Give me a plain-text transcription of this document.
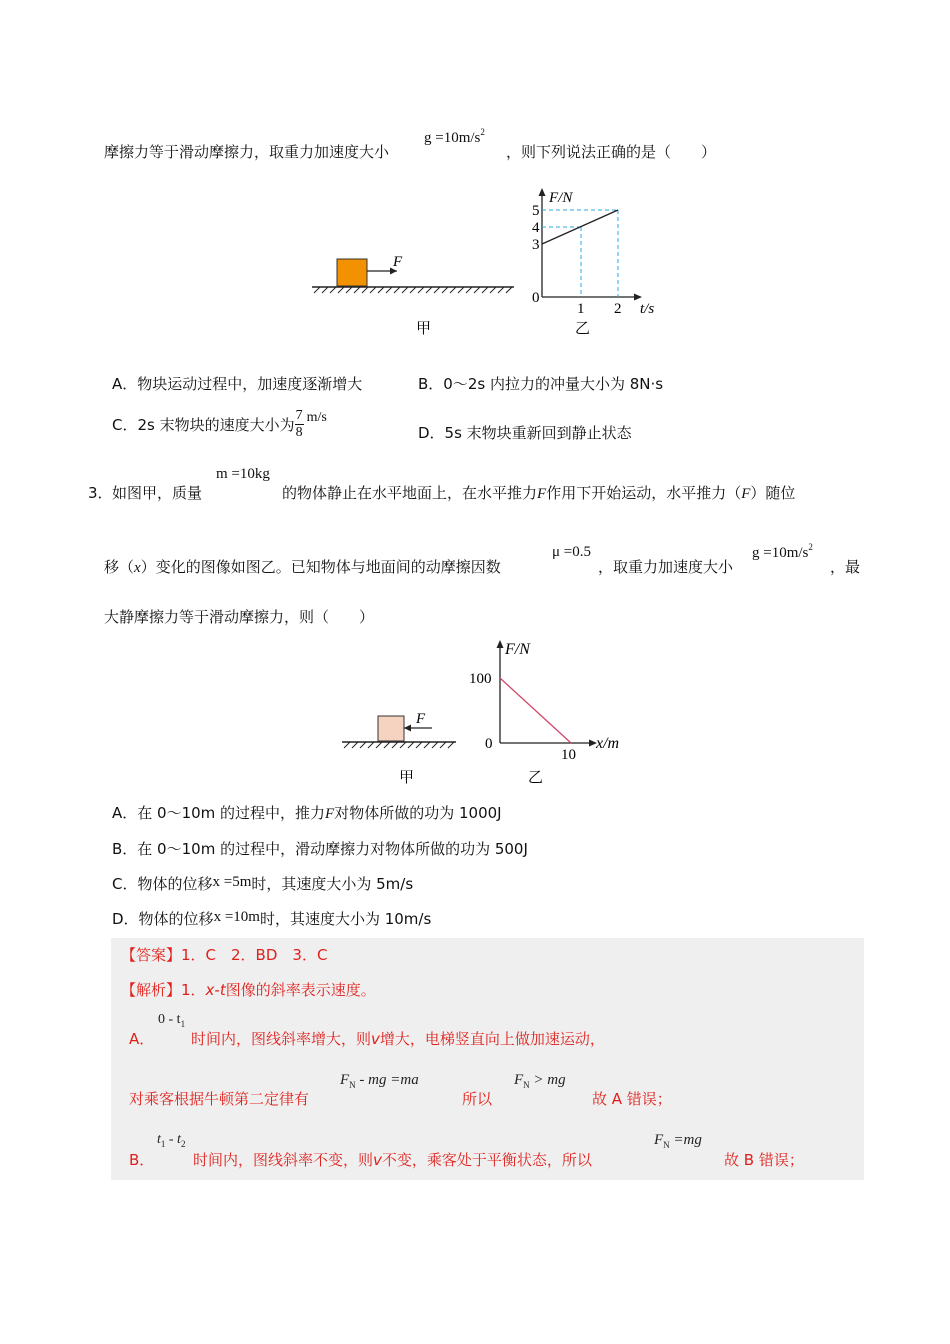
摩擦力等于滑动摩擦力，取重力加速度大小
$g =10m/s^2$
，则下列说法正确的是（　　）
F
甲
F/N
5
4
3
0
1 2 t/s
乙
A．物块运动过程中，加速度逐渐增大	B．0～2s 内拉力的冲量大小为 8N·s
C．2s 末物块的速度大小为 $\frac{7}{8} m/s$
D．5s 末物块重新回到静止状态
3． 如图甲，质量
m =10kg
的物体静止在水平地面上，在水平推力F作用下开始运动，水平推力（F）随位
移（x）变化的图像如图乙。已知物体与地面间的动摩擦因数
μ =0.5
，取重力加速度大小
$g =10m/s^2$
，最
大静摩擦力等于滑动摩擦力，则（　　）
F
甲
F/N
100
0
10
x/m
乙
A．在 0～10m 的过程中，推力F对物体所做的功为 1000J
B．在 0～10m 的过程中，滑动摩擦力对物体所做的功为 500J
C．物体的位移x =5m时，其速度大小为 5m/s
D．物体的位移x =10m时，其速度大小为 10m/s
【答案】1．C　2．BD　3．C
【解析】1．x-t图像的斜率表示速度。
A．
$0 - t_1$
时间内，图线斜率增大，则v增大，电梯竖直向上做加速运动，
对乘客根据牛顿第二定律有
$F_N$ - mg =ma
所以
$F_N$ > mg
故 A 错误；
B．
$t_1 - t_2$
时间内，图线斜率不变，则v不变，乘客处于平衡状态，所以
$F_N =mg$
故 B 错误；
